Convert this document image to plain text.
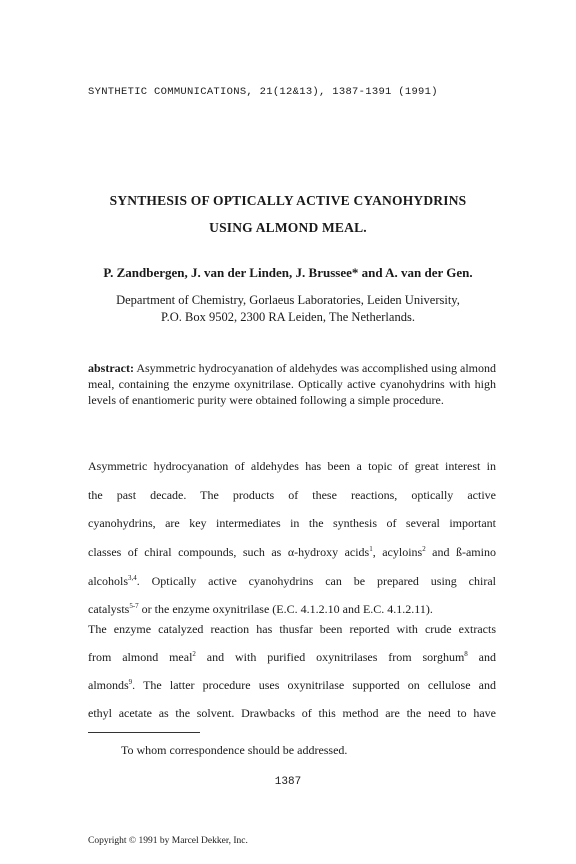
SYNTHETIC COMMUNICATIONS, 21(12&13), 1387-1391 (1991)
SYNTHESIS OF OPTICALLY ACTIVE CYANOHYDRINS
USING ALMOND MEAL.
P. Zandbergen, J. van der Linden, J. Brussee* and A. van der Gen.
Department of Chemistry, Gorlaeus Laboratories, Leiden University,
P.O. Box 9502, 2300 RA Leiden, The Netherlands.
abstract: Asymmetric hydrocyanation of aldehydes was accomplished using almond meal, containing the enzyme oxynitrilase. Optically active cyanohydrins with high levels of enantiomeric purity were obtained following a simple procedure.
Asymmetric hydrocyanation of aldehydes has been a topic of great interest in
the past decade. The products of these reactions, optically active
cyanohydrins, are key intermediates in the synthesis of several important
classes of chiral compounds, such as α-hydroxy acids$^1$, acyloins$^2$ and ß-amino
alcohols$^{3,4}$. Optically active cyanohydrins can be prepared using chiral
catalysts$^{5-7}$ or the enzyme oxynitrilase (E.C. 4.1.2.10 and E.C. 4.1.2.11).
The enzyme catalyzed reaction has thusfar been reported with crude extracts
from almond meal$^2$ and with purified oxynitrilases from sorghum$^8$ and
almonds$^9$. The latter procedure uses oxynitrilase supported on cellulose and
ethyl acetate as the solvent. Drawbacks of this method are the need to have
To whom correspondence should be addressed.
1387
Copyright © 1991 by Marcel Dekker, Inc.
